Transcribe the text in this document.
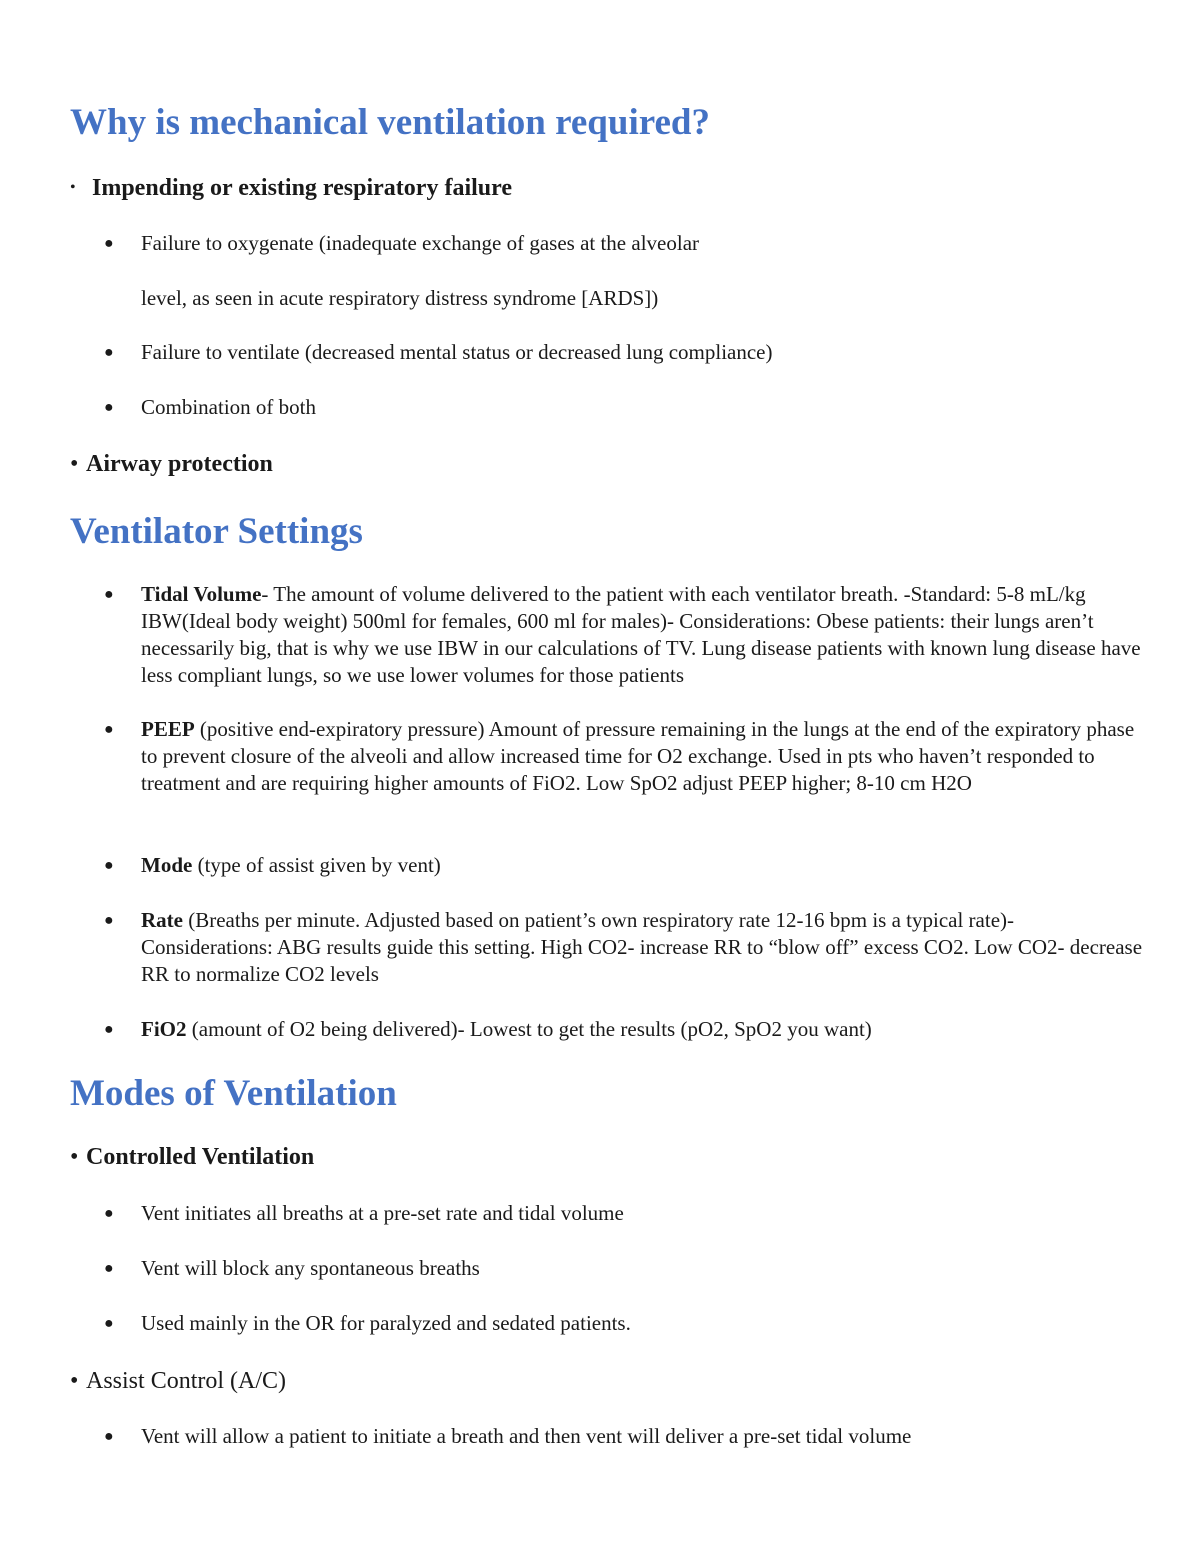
Why is mechanical ventilation required?
• Impending or existing respiratory failure
● Failure to oxygenate (inadequate exchange of gases at the alveolar
level, as seen in acute respiratory distress syndrome [ARDS])
● Failure to ventilate (decreased mental status or decreased lung compliance)
● Combination of both
• Airway protection
Ventilator Settings
●	Tidal Volume- The amount of volume delivered to the patient with each ventilator breath. -Standard: 5-8 mL/kg IBW(Ideal body weight) 500ml for females, 600 ml for males)- Considerations: Obese patients: their lungs aren’t necessarily big, that is why we use IBW in our calculations of TV. Lung disease patients with known lung disease have less compliant lungs, so we use lower volumes for those patients
●	PEEP (positive end-expiratory pressure) Amount of pressure remaining in the lungs at the end of the expiratory phase to prevent closure of the alveoli and allow increased time for O2 exchange. Used in pts who haven’t responded to treatment and are requiring higher amounts of FiO2. Low SpO2 adjust PEEP higher; 8-10 cm H2O
●	Mode (type of assist given by vent)
●	Rate (Breaths per minute. Adjusted based on patient’s own respiratory rate 12-16 bpm is a typical rate)- Considerations: ABG results guide this setting. High CO2- increase RR to “blow off” excess CO2. Low CO2- decrease RR to normalize CO2 levels
●	FiO2 (amount of O2 being delivered)- Lowest to get the results (pO2, SpO2 you want)
Modes of Ventilation
• Controlled Ventilation
● Vent initiates all breaths at a pre-set rate and tidal volume
● Vent will block any spontaneous breaths
● Used mainly in the OR for paralyzed and sedated patients.
• Assist Control (A/C)
● Vent will allow a patient to initiate a breath and then vent will deliver a pre-set tidal volume
